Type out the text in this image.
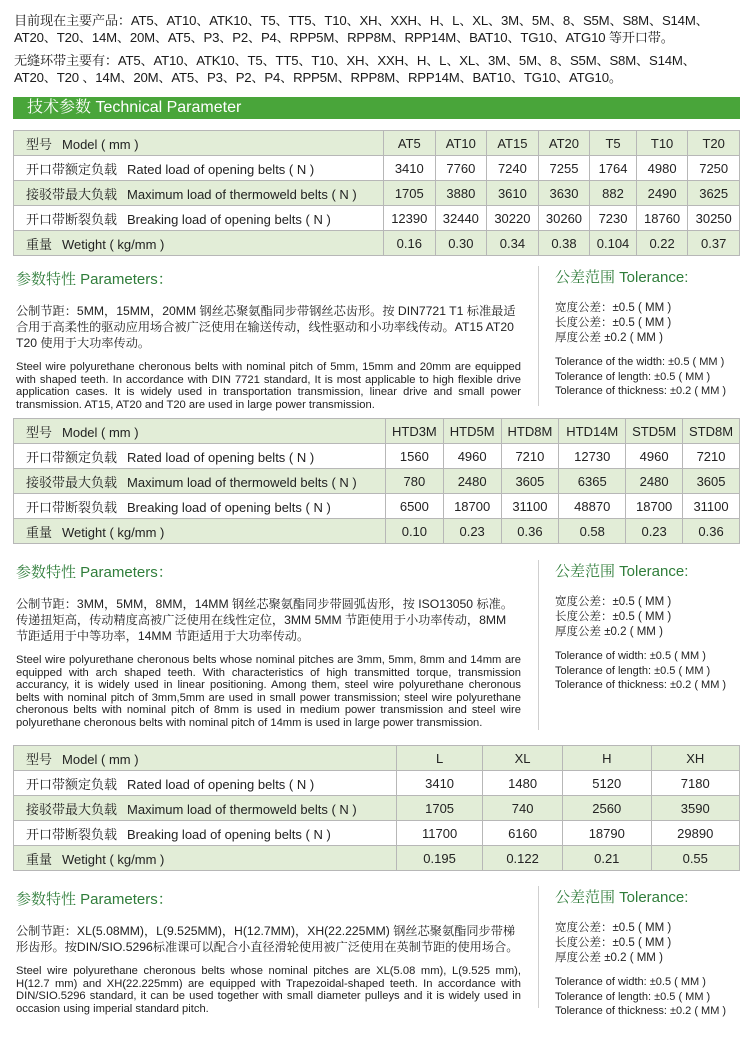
目前现在主要产品：AT5、AT10、ATK10、T5、TT5、T10、XH、XXH、H、L、XL、3M、5M、8、S5M、S8M、S14M、AT20、T20、14M、20M、AT5、P3、P2、P4、RPP5M、RPP8M、RPP14M、BAT10、TG10、ATG10 等开口带。
无缝环带主要有：AT5、AT10、ATK10、T5、TT5、T10、XH、XXH、H、L、XL、3M、5M、8、S5M、S8M、S14M、AT20、T20 、14M、20M、AT5、P3、P2、P4、RPP5M、RPP8M、RPP14M、BAT10、TG10、ATG10。
技术参数 Technical Parameter
型号 Model ( mm )	AT5	AT10	AT15	AT20	T5	T10	T20
开口带额定负载 Rated load of opening belts ( N )	3410	7760	7240	7255	1764	4980	7250
接驳带最大负载 Maximum load of thermoweld belts ( N )	1705	3880	3610	3630	882	2490	3625
开口带断裂负载 Breaking load of opening belts ( N )	12390	32440	30220	30260	7230	18760	30250
重量 Wetight ( kg/mm )	0.16	0.30	0.34	0.38	0.104	0.22	0.37
参数特性 Parameters：
公制节距：5MM，15MM，20MM 钢丝芯聚氨酯同步带钢丝芯齿形。按 DIN7721 T1 标准最适合用于高柔性的驱动应用场合被广泛使用在输送传动，线性驱动和小功率线传动。AT15 AT20 T20 使用于大功率传动。
Steel wire polyurethane cheronous belts with nominal pitch of 5mm, 15mm and 20mm are equipped with shaped teeth. In accordance with DIN 7721 standard, It is most applicable to high flexible drive application cases. It is widely used in transportation transmission, linear drive and small power transmission. AT15, AT20 and T20 are used in large power transmission.
公差范围 Tolerance:
宽度公差：±0.5 ( MM )
长度公差：±0.5 ( MM )
厚度公差 ±0.2 ( MM )
Tolerance of the width: ±0.5 ( MM )
Tolerance of length: ±0.5 ( MM )
Tolerance of thickness: ±0.2 ( MM )
型号 Model ( mm )	HTD3M	HTD5M	HTD8M	HTD14M	STD5M	STD8M
开口带额定负载 Rated load of opening belts ( N )	1560	4960	7210	12730	4960	7210
接驳带最大负载 Maximum load of thermoweld belts ( N )	780	2480	3605	6365	2480	3605
开口带断裂负载 Breaking load of opening belts ( N )	6500	18700	31100	48870	18700	31100
重量 Wetight ( kg/mm )	0.10	0.23	0.36	0.58	0.23	0.36
参数特性 Parameters：
公制节距：3MM，5MM，8MM，14MM 钢丝芯聚氨酯同步带圆弧齿形，按 ISO13050 标准。传递扭矩高，传动精度高被广泛使用在线性定位，3MM 5MM 节距使用于小功率传动，8MM 节距适用于中等功率，14MM 节距适用于大功率传动。
Steel wire polyurethane cheronous belts whose nominal pitches are 3mm, 5mm, 8mm and 14mm are equipped with arch shaped teeth. With characteristics of high transmitted torque, transmission accurancy, it is widely used in linear positioning. Among them, steel wire polyurethane cheronous belts with nominal pitch of 3mm,5mm are used in small power transmission; steel wire polyurethane cheronous belts with nominal pitch of 8mm is used in medium power transmission and steel wire polyurethane cheronous belts with nominal pitch of 14mm is used in large power transmission.
公差范围 Tolerance:
宽度公差：±0.5 ( MM )
长度公差：±0.5 ( MM )
厚度公差 ±0.2 ( MM )
Tolerance of width: ±0.5 ( MM )
Tolerance of length: ±0.5 ( MM )
Tolerance of thickness: ±0.2 ( MM )
型号 Model ( mm )	L	XL	H	XH
开口带额定负载 Rated load of opening belts ( N )	3410	1480	5120	7180
接驳带最大负载 Maximum load of thermoweld belts ( N )	1705	740	2560	3590
开口带断裂负载 Breaking load of opening belts ( N )	11700	6160	18790	29890
重量 Wetight ( kg/mm )	0.195	0.122	0.21	0.55
参数特性 Parameters：
公制节距：XL(5.08MM)，L(9.525MM)，H(12.7MM)，XH(22.225MM) 钢丝芯聚氨酯同步带梯形齿形。按DIN/SIO.5296标准课可以配合小直径滑轮使用被广泛使用在英制节距的使用场合。
Steel wire polyurethane cheronous belts whose nominal pitches are XL(5.08 mm), L(9.525 mm), H(12.7 mm) and XH(22.225mm) are equipped with Trapezoidal-shaped teeth. In accordance with DIN/SIO.5296 standard, it can be used together with small diameter pulleys and it is widely used in occasion using imperial standard pitch.
公差范围 Tolerance:
宽度公差：±0.5 ( MM )
长度公差：±0.5 ( MM )
厚度公差 ±0.2 ( MM )
Tolerance of width: ±0.5 ( MM )
Tolerance of length: ±0.5 ( MM )
Tolerance of thickness: ±0.2 ( MM )
